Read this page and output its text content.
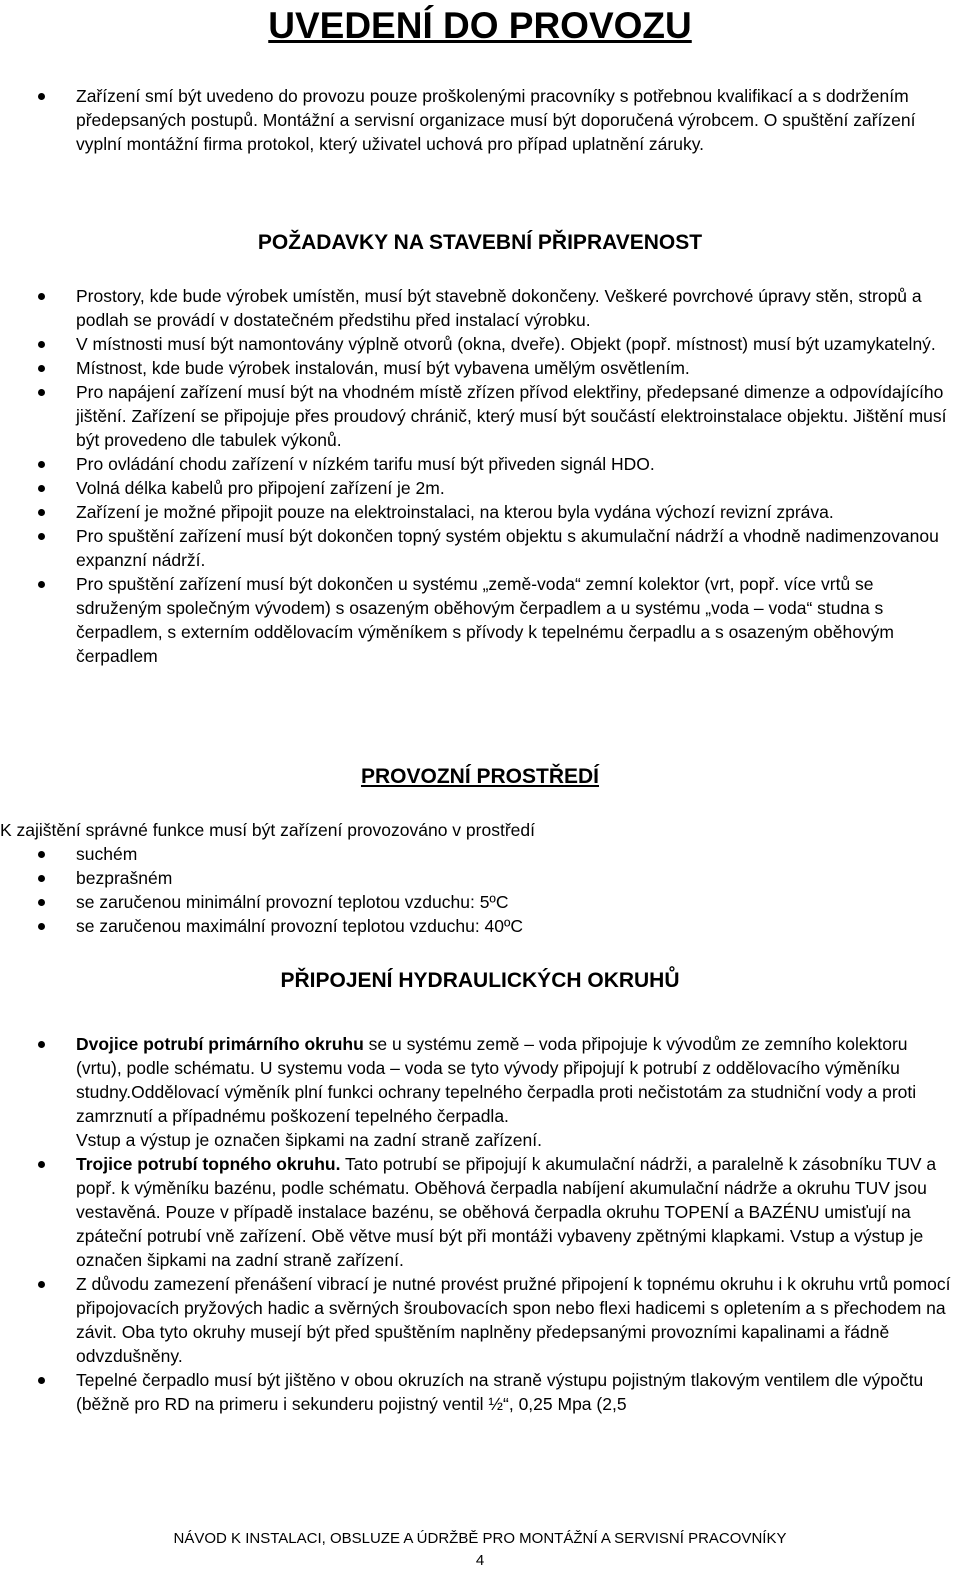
UVEDENÍ DO PROVOZU
Zařízení smí být uvedeno do provozu pouze proškolenými pracovníky s potřebnou kvalifikací a s dodržením předepsaných postupů. Montážní a servisní organizace musí být doporučená výrobcem. O spuštění zařízení vyplní montážní firma protokol, který uživatel uchová pro případ uplatnění záruky.
POŽADAVKY NA STAVEBNÍ PŘIPRAVENOST
Prostory, kde bude výrobek umístěn, musí být stavebně dokončeny. Veškeré povrchové úpravy stěn, stropů a podlah se provádí v dostatečném předstihu před instalací výrobku.
V místnosti musí být namontovány výplně otvorů (okna, dveře). Objekt (popř. místnost) musí být uzamykatelný.
Místnost, kde bude výrobek instalován, musí být vybavena umělým osvětlením.
Pro napájení zařízení musí být na vhodném místě zřízen přívod elektřiny, předepsané dimenze a odpovídajícího jištění. Zařízení se připojuje přes proudový chránič, který musí být součástí elektroinstalace objektu. Jištění musí být provedeno dle tabulek výkonů.
Pro ovládání chodu zařízení v nízkém tarifu musí být přiveden signál HDO.
Volná délka kabelů pro připojení zařízení je 2m.
Zařízení je možné připojit pouze na elektroinstalaci, na kterou byla vydána výchozí revizní zpráva.
Pro spuštění zařízení musí být dokončen topný systém objektu s akumulační nádrží a vhodně nadimenzovanou expanzní nádrží.
Pro spuštění zařízení musí být dokončen u systému „země-voda“ zemní kolektor (vrt, popř. více vrtů se sdruženým společným vývodem) s osazeným oběhovým čerpadlem a u systému „voda – voda“ studna s čerpadlem, s externím oddělovacím výměníkem s přívody k tepelnému čerpadlu a s osazeným oběhovým čerpadlem
PROVOZNÍ PROSTŘEDÍ

K zajištění správné funkce musí být zařízení provozováno v prostředí

suchém
bezprašném
se zaručenou minimální provozní teplotou vzduchu: 5ºC
se zaručenou maximální provozní teplotou vzduchu: 40ºC
PŘIPOJENÍ HYDRAULICKÝCH OKRUHŮ
Dvojice potrubí primárního okruhu se u systému země – voda připojuje k vývodům ze zemního kolektoru (vrtu), podle schématu. U systemu voda – voda se tyto vývody připojují k potrubí z oddělovacího výměníku studny.Oddělovací výměník plní funkci ochrany tepelného čerpadla proti nečistotám za studniční vody a proti zamrznutí a případnému poškození tepelného čerpadla.
Vstup a výstup je označen šipkami na zadní straně zařízení.
Trojice potrubí topného okruhu. Tato potrubí se připojují k akumulační nádrži, a paralelně k zásobníku TUV a popř. k výměníku bazénu, podle schématu. Oběhová čerpadla nabíjení akumulační nádrže a okruhu TUV jsou vestavěná. Pouze v případě instalace bazénu, se oběhová čerpadla okruhu TOPENÍ a BAZÉNU umisťují na zpáteční potrubí vně zařízení. Obě větve musí být při montáži vybaveny zpětnými klapkami. Vstup a výstup je označen šipkami na zadní straně zařízení.
Z důvodu zamezení přenášení vibrací je nutné provést pružné připojení k topnému okruhu i k okruhu vrtů pomocí připojovacích pryžových hadic a svěrných šroubovacích spon nebo flexi hadicemi s opletením a s přechodem na závit. Oba tyto okruhy musejí být před spuštěním naplněny předepsanými provozními kapalinami a řádně odvzdušněny.
Tepelné čerpadlo musí být jištěno v obou okruzích na straně výstupu pojistným tlakovým ventilem dle výpočtu (běžně pro RD na primeru i sekunderu pojistný ventil ½“, 0,25 Mpa (2,5
NÁVOD K INSTALACI, OBSLUZE A ÚDRŽBĚ PRO MONTÁŽNÍ A SERVISNÍ PRACOVNÍKY
4
